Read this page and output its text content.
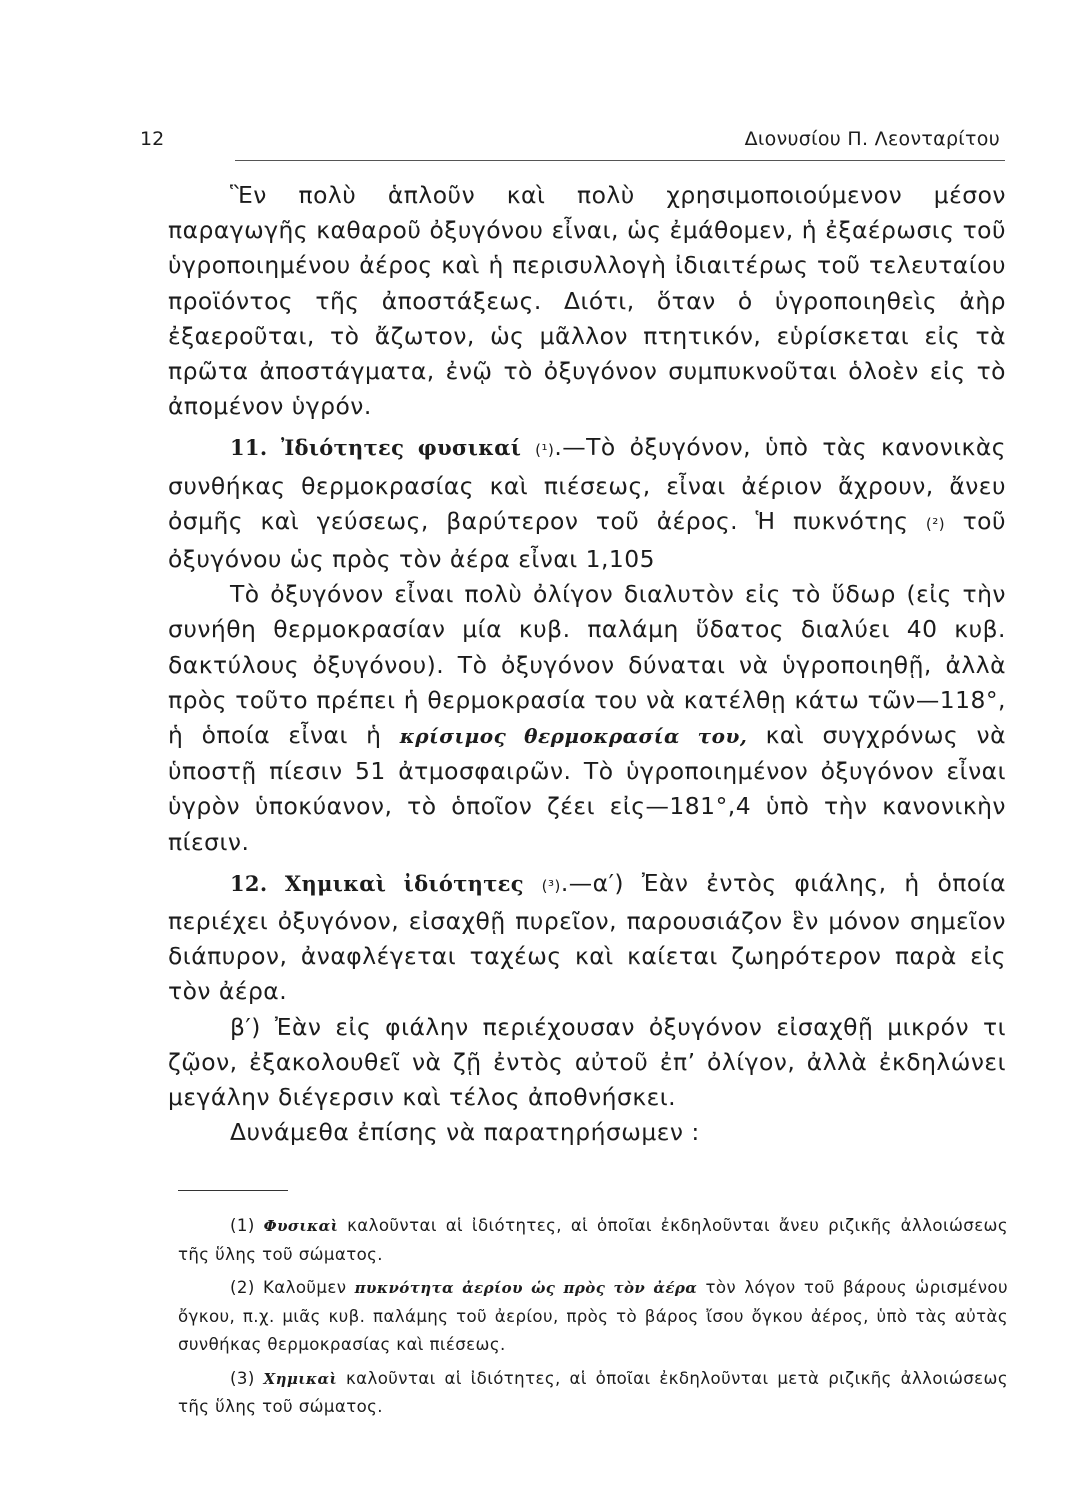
12	Διονυσίου Π. Λεονταρίτου

Ἓν πολὺ ἁπλοῦν καὶ πολὺ χρησιμοποιούμενον μέσον παραγωγῆς καθαροῦ ὀξυγόνου εἶναι, ὡς ἐμάθομεν, ἡ ἐξαέρωσις τοῦ ὑγροποιημένου ἀέρος καὶ ἡ περισυλλογὴ ἰδιαιτέρως τοῦ τελευταίου προϊόντος τῆς ἀποστάξεως. Διότι, ὅταν ὁ ὑγροποιηθεὶς ἀὴρ ἐξαεροῦται, τὸ ἄζωτον, ὡς μᾶλλον πτητικόν, εὑρίσκεται εἰς τὰ πρῶτα ἀποστάγματα, ἐνῷ τὸ ὀξυγόνον συμπυκνοῦται ὁλοὲν εἰς τὸ ἀπομένον ὑγρόν.

11. Ἰδιότητες φυσικαί (¹).—Τὸ ὀξυγόνον, ὑπὸ τὰς κανονικὰς συνθήκας θερμοκρασίας καὶ πιέσεως, εἶναι ἀέριον ἄχρουν, ἄνευ ὀσμῆς καὶ γεύσεως, βαρύτερον τοῦ ἀέρος. Ἡ πυκνότης (²) τοῦ ὀξυγόνου ὡς πρὸς τὸν ἀέρα εἶναι 1,105

Τὸ ὀξυγόνον εἶναι πολὺ ὀλίγον διαλυτὸν εἰς τὸ ὕδωρ (εἰς τὴν συνήθη θερμοκρασίαν μία κυβ. παλάμη ὕδατος διαλύει 40 κυβ. δακτύλους ὀξυγόνου). Τὸ ὀξυγόνον δύναται νὰ ὑγροποιηθῇ, ἀλλὰ πρὸς τοῦτο πρέπει ἡ θερμοκρασία του νὰ κατέλθῃ κάτω τῶν—118°, ἡ ὁποία εἶναι ἡ κρίσιμος θερμοκρασία του, καὶ συγχρόνως νὰ ὑποστῇ πίεσιν 51 ἀτμοσφαιρῶν. Τὸ ὑγροποιημένον ὀξυγόνον εἶναι ὑγρὸν ὑποκύανον, τὸ ὁποῖον ζέει εἰς—181°,4 ὑπὸ τὴν κανονικὴν πίεσιν.

12. Χημικαὶ ἰδιότητες (³).—α′) Ἐὰν ἐντὸς φιάλης, ἡ ὁποία περιέχει ὀξυγόνον, εἰσαχθῇ πυρεῖον, παρουσιάζον ἓν μόνον σημεῖον διάπυρον, ἀναφλέγεται ταχέως καὶ καίεται ζωηρότερον παρὰ εἰς τὸν ἀέρα.

β′) Ἐὰν εἰς φιάλην περιέχουσαν ὀξυγόνον εἰσαχθῇ μικρόν τι ζῷον, ἐξακολουθεῖ νὰ ζῇ ἐντὸς αὐτοῦ ἐπ’ ὀλίγον, ἀλλὰ ἐκδηλώνει μεγάλην διέγερσιν καὶ τέλος ἀποθνήσκει.

Δυνάμεθα ἐπίσης νὰ παρατηρήσωμεν :

(1) Φυσικαὶ καλοῦνται αἱ ἰδιότητες, αἱ ὁποῖαι ἐκδηλοῦνται ἄνευ ριζικῆς ἀλλοιώσεως τῆς ὕλης τοῦ σώματος.

(2) Καλοῦμεν πυκνότητα ἀερίου ὡς πρὸς τὸν ἀέρα τὸν λόγον τοῦ βάρους ὡρισμένου ὄγκου, π.χ. μιᾶς κυβ. παλάμης τοῦ ἀερίου, πρὸς τὸ βάρος ἴσου ὄγκου ἀέρος, ὑπὸ τὰς αὐτὰς συνθήκας θερμοκρασίας καὶ πιέσεως.

(3) Χημικαὶ καλοῦνται αἱ ἰδιότητες, αἱ ὁποῖαι ἐκδηλοῦνται μετὰ ριζικῆς ἀλλοιώσεως τῆς ὕλης τοῦ σώματος.
